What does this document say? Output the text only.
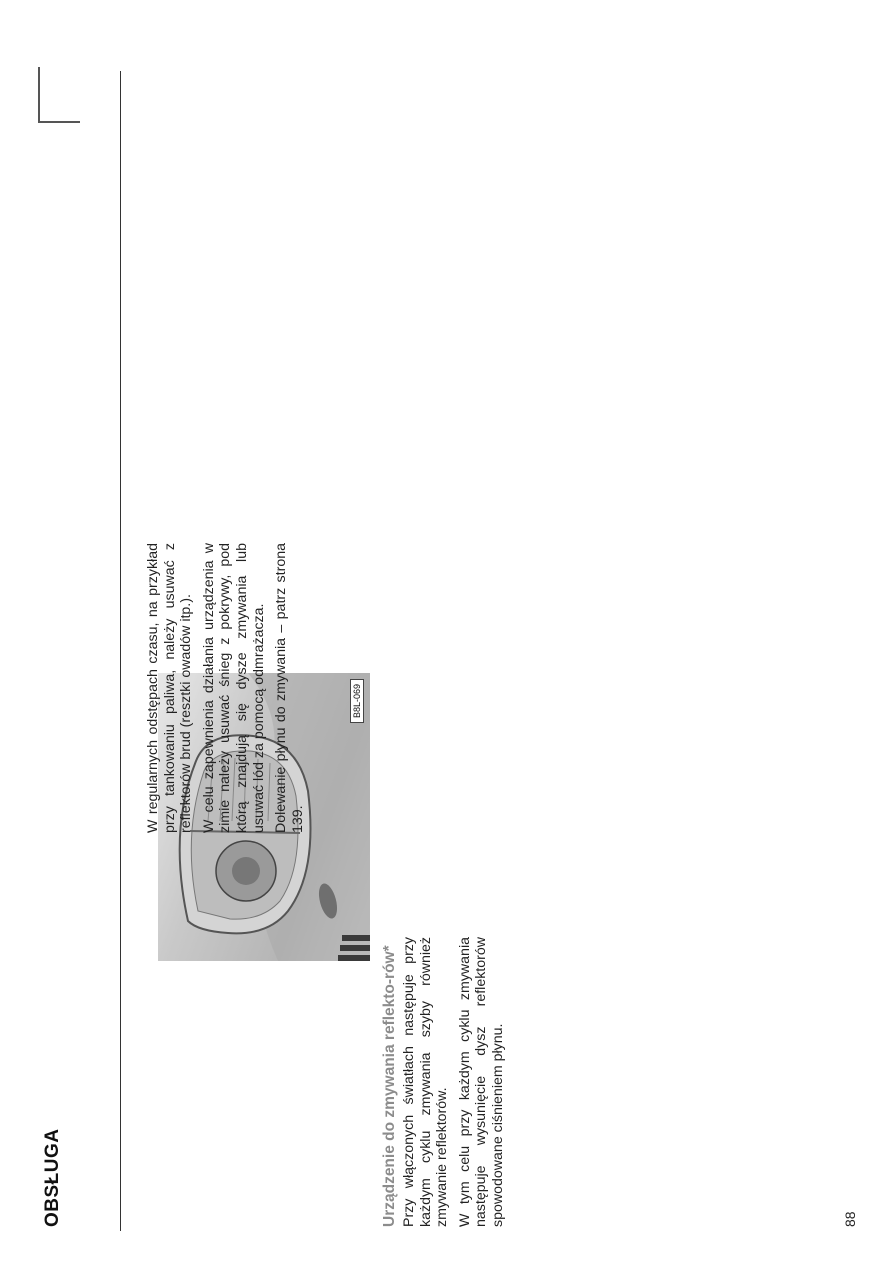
OBSŁUGA
B8L-069
Urządzenie do zmywania reflekto-rów* Przy włączonych światłach następuje przy każdym cyklu zmywania szyby również zmywanie reflektorów. W tym celu przy każdym cyklu zmywania następuje wysunięcie dysz reflektorów spowodowane ciśnieniem płynu.

W regularnych odstępach czasu, na przykład przy tankowaniu paliwa, należy usuwać z reflektorów brud (resztki owadów itp.). W celu zapewnienia działania urządzenia w zimie należy usuwać śnieg z pokrywy, pod którą znajdują się dysze zmywania lub usuwać lód za pomocą odmrażacza. Dolewanie płynu do zmywania – patrz strona 139.

88
